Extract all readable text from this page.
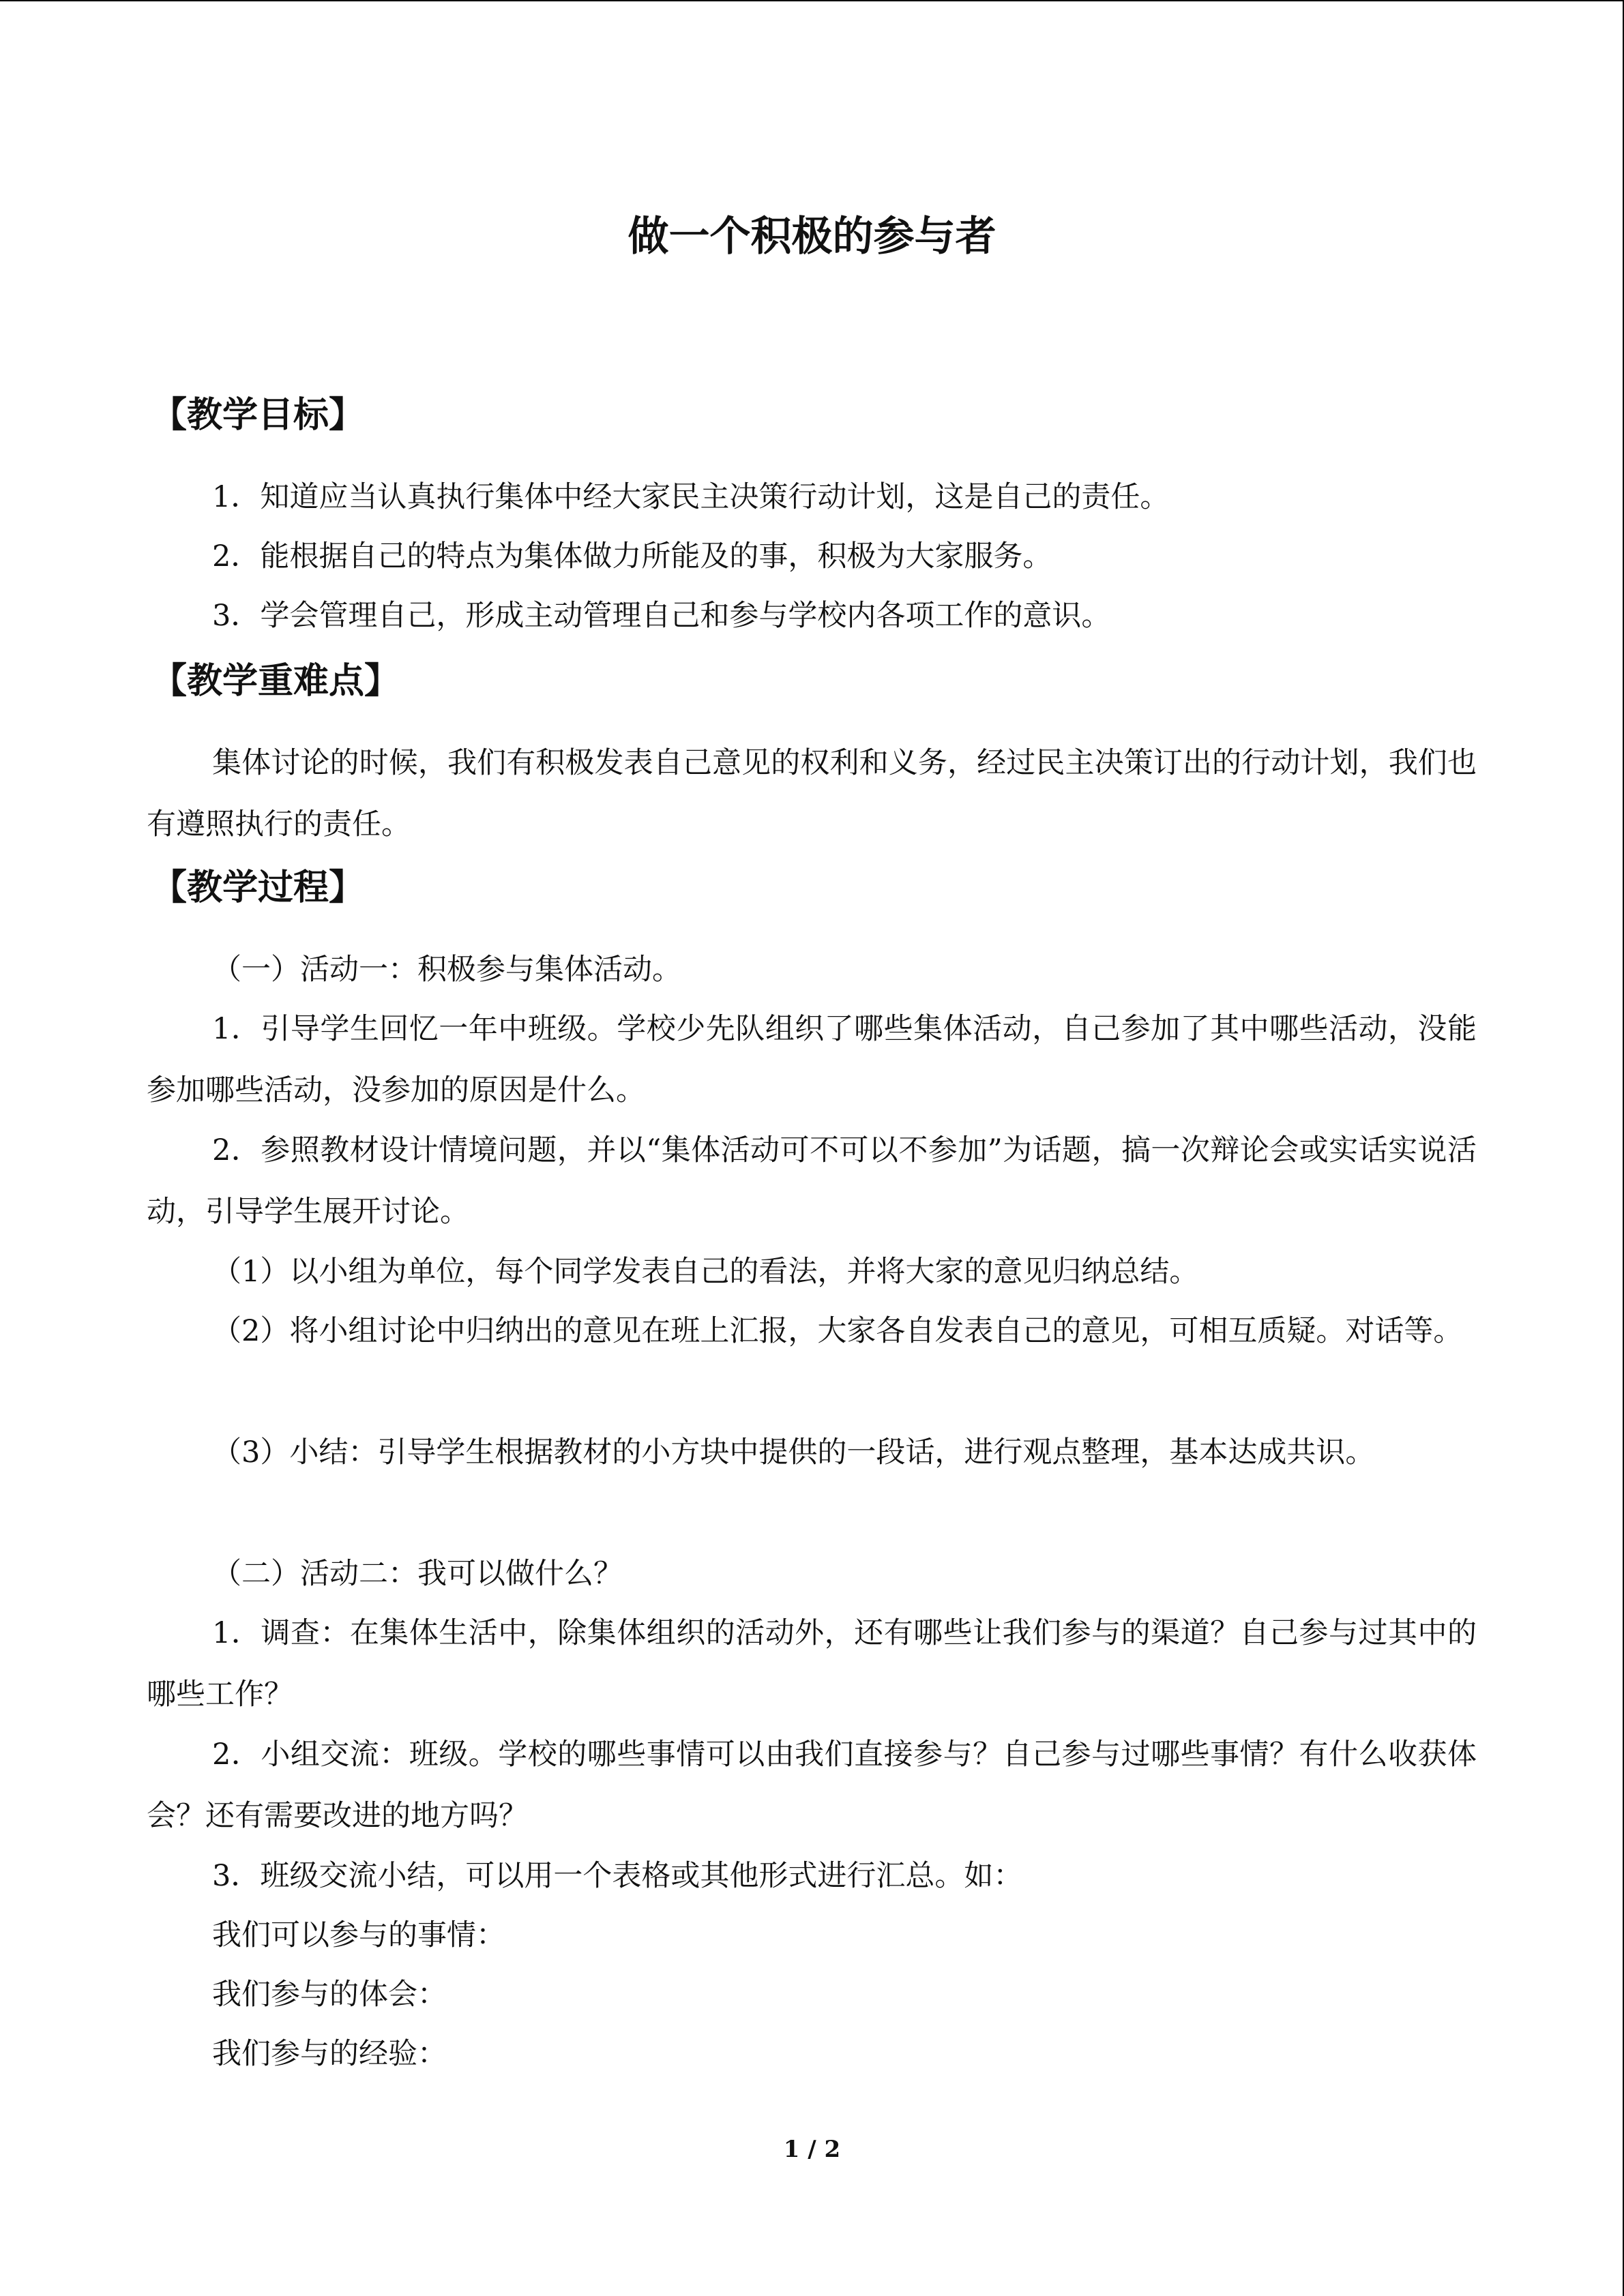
做一个积极的参与者
【教学目标】

1．知道应当认真执行集体中经大家民主决策行动计划，这是自己的责任。

2．能根据自己的特点为集体做力所能及的事，积极为大家服务。

3．学会管理自己，形成主动管理自己和参与学校内各项工作的意识。

【教学重难点】

集体讨论的时候，我们有积极发表自己意见的权利和义务，经过民主决策订出的行动计划，我们也有遵照执行的责任。

【教学过程】

（一）活动一：积极参与集体活动。

1．引导学生回忆一年中班级。学校少先队组织了哪些集体活动，自己参加了其中哪些活动，没能参加哪些活动，没参加的原因是什么。

2．参照教材设计情境问题，并以“集体活动可不可以不参加”为话题，搞一次辩论会或实话实说活动，引导学生展开讨论。

（1）以小组为单位，每个同学发表自己的看法，并将大家的意见归纳总结。

（2）将小组讨论中归纳出的意见在班上汇报，大家各自发表自己的意见，可相互质疑。对话等。

（3）小结：引导学生根据教材的小方块中提供的一段话，进行观点整理，基本达成共识。

（二）活动二：我可以做什么？

1．调查：在集体生活中，除集体组织的活动外，还有哪些让我们参与的渠道？自己参与过其中的哪些工作？

2．小组交流：班级。学校的哪些事情可以由我们直接参与？自己参与过哪些事情？有什么收获体会？还有需要改进的地方吗？

3．班级交流小结，可以用一个表格或其他形式进行汇总。如：

我们可以参与的事情：

我们参与的体会：

我们参与的经验：

1 / 2
